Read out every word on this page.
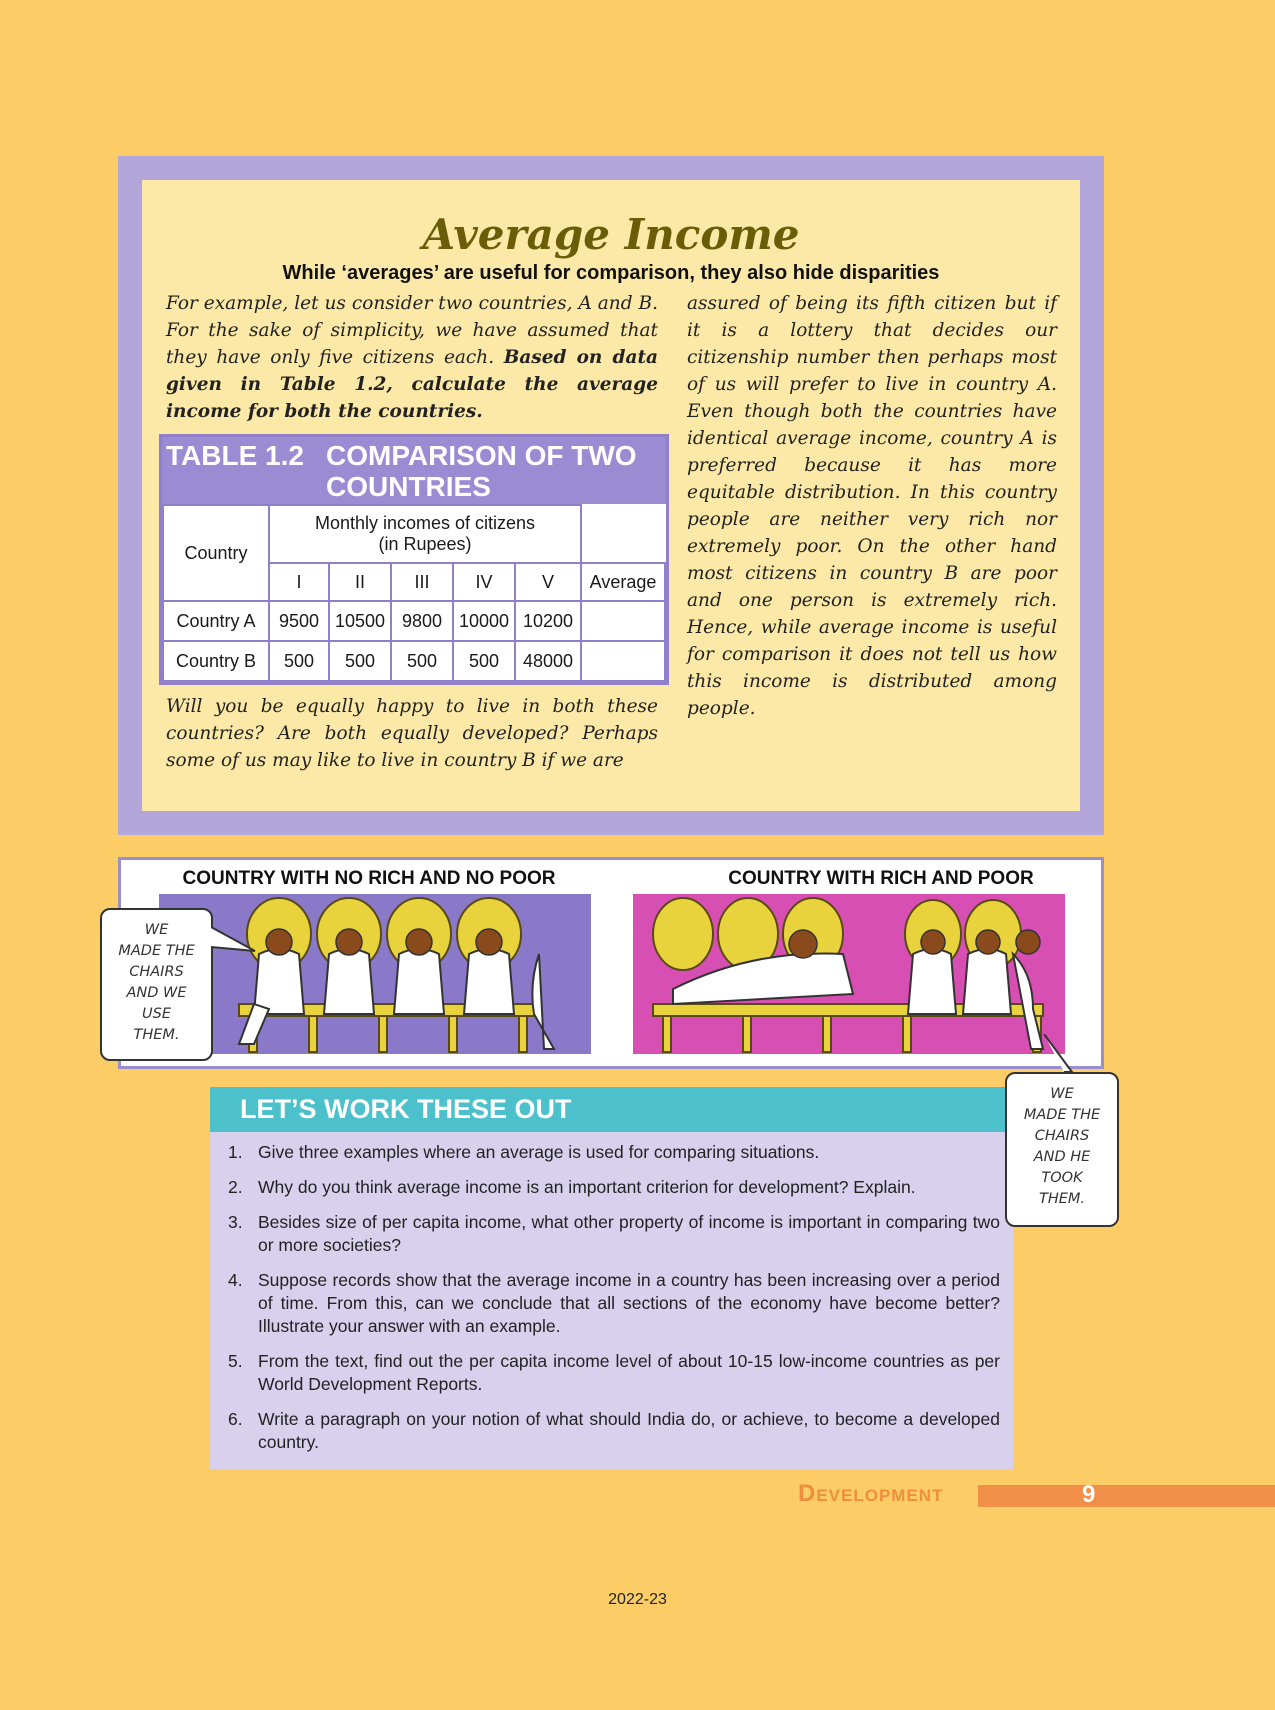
Average Income
While ‘averages’ are useful for comparison, they also hide disparities
For example, let us consider two countries, A and B. For the sake of simplicity, we have assumed that they have only five citizens each. Based on data given in Table 1.2, calculate the average income for both the countries.
TABLE 1.2 COMPARISON OF TWO
COUNTRIES
Country	Monthly incomes of citizens
(in Rupees)					
	I	II	III	IV	V	Average
Country A	9500	10500	9800	10000	10200	
Country B	500	500	500	500	48000	
Will you be equally happy to live in both these countries? Are both equally developed? Perhaps some of us may like to live in country B if we are
assured of being its fifth citizen but if it is a lottery that decides our citizenship number then perhaps most of us will prefer to live in country A. Even though both the countries have identical average income, country A is preferred because it has more equitable distribution. In this country people are neither very rich nor extremely poor. On the other hand most citizens in country B are poor and one person is extremely rich. Hence, while average income is useful for comparison it does not tell us how this income is distributed among people.
COUNTRY WITH NO RICH AND NO POOR	COUNTRY WITH RICH AND POOR
WE
MADE THE
CHAIRS
AND WE
USE
THEM.
LET’S WORK THESE OUT
1. Give three examples where an average is used for comparing situations.
2. Why do you think average income is an important criterion for development? Explain.
3. Besides size of per capita income, what other property of income is important in comparing two or more societies?
4. Suppose records show that the average income in a country has been increasing over a period of time. From this, can we conclude that all sections of the economy have become better? Illustrate your answer with an example.
5. From the text, find out the per capita income level of about 10-15 low-income countries as per World Development Reports.
6. Write a paragraph on your notion of what should India do, or achieve, to become a developed country.
WE
MADE THE
CHAIRS
AND HE
TOOK
THEM.
Development	9
2022-23
